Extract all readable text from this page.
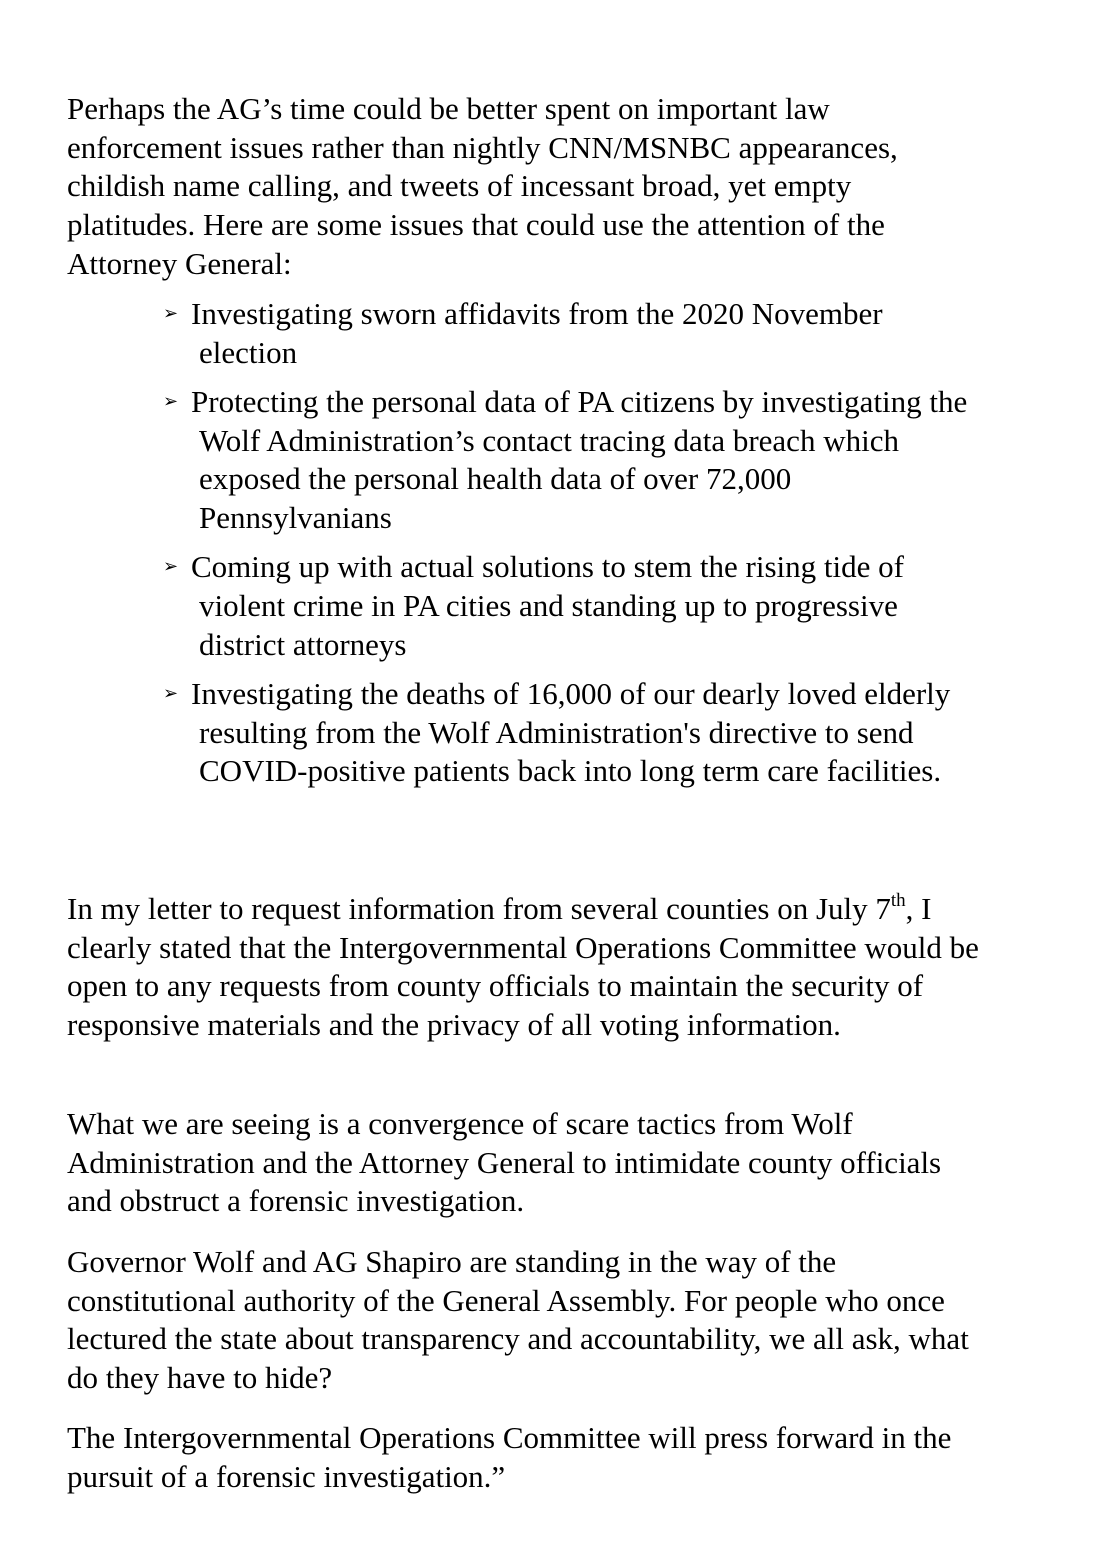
Perhaps the AG’s time could be better spent on important law enforcement issues rather than nightly CNN/MSNBC appearances, childish name calling, and tweets of incessant broad, yet empty platitudes. Here are some issues that could use the attention of the Attorney General:

➢ Investigating sworn affidavits from the 2020 November election
➢ Protecting the personal data of PA citizens by investigating the Wolf Administration’s contact tracing data breach which exposed the personal health data of over 72,000 Pennsylvanians
➢ Coming up with actual solutions to stem the rising tide of violent crime in PA cities and standing up to progressive district attorneys
➢ Investigating the deaths of 16,000 of our dearly loved elderly resulting from the Wolf Administration's directive to send COVID-positive patients back into long term care facilities.

In my letter to request information from several counties on July 7th, I clearly stated that the Intergovernmental Operations Committee would be open to any requests from county officials to maintain the security of responsive materials and the privacy of all voting information.

What we are seeing is a convergence of scare tactics from Wolf Administration and the Attorney General to intimidate county officials and obstruct a forensic investigation.

Governor Wolf and AG Shapiro are standing in the way of the constitutional authority of the General Assembly. For people who once lectured the state about transparency and accountability, we all ask, what do they have to hide?

The Intergovernmental Operations Committee will press forward in the pursuit of a forensic investigation.”
